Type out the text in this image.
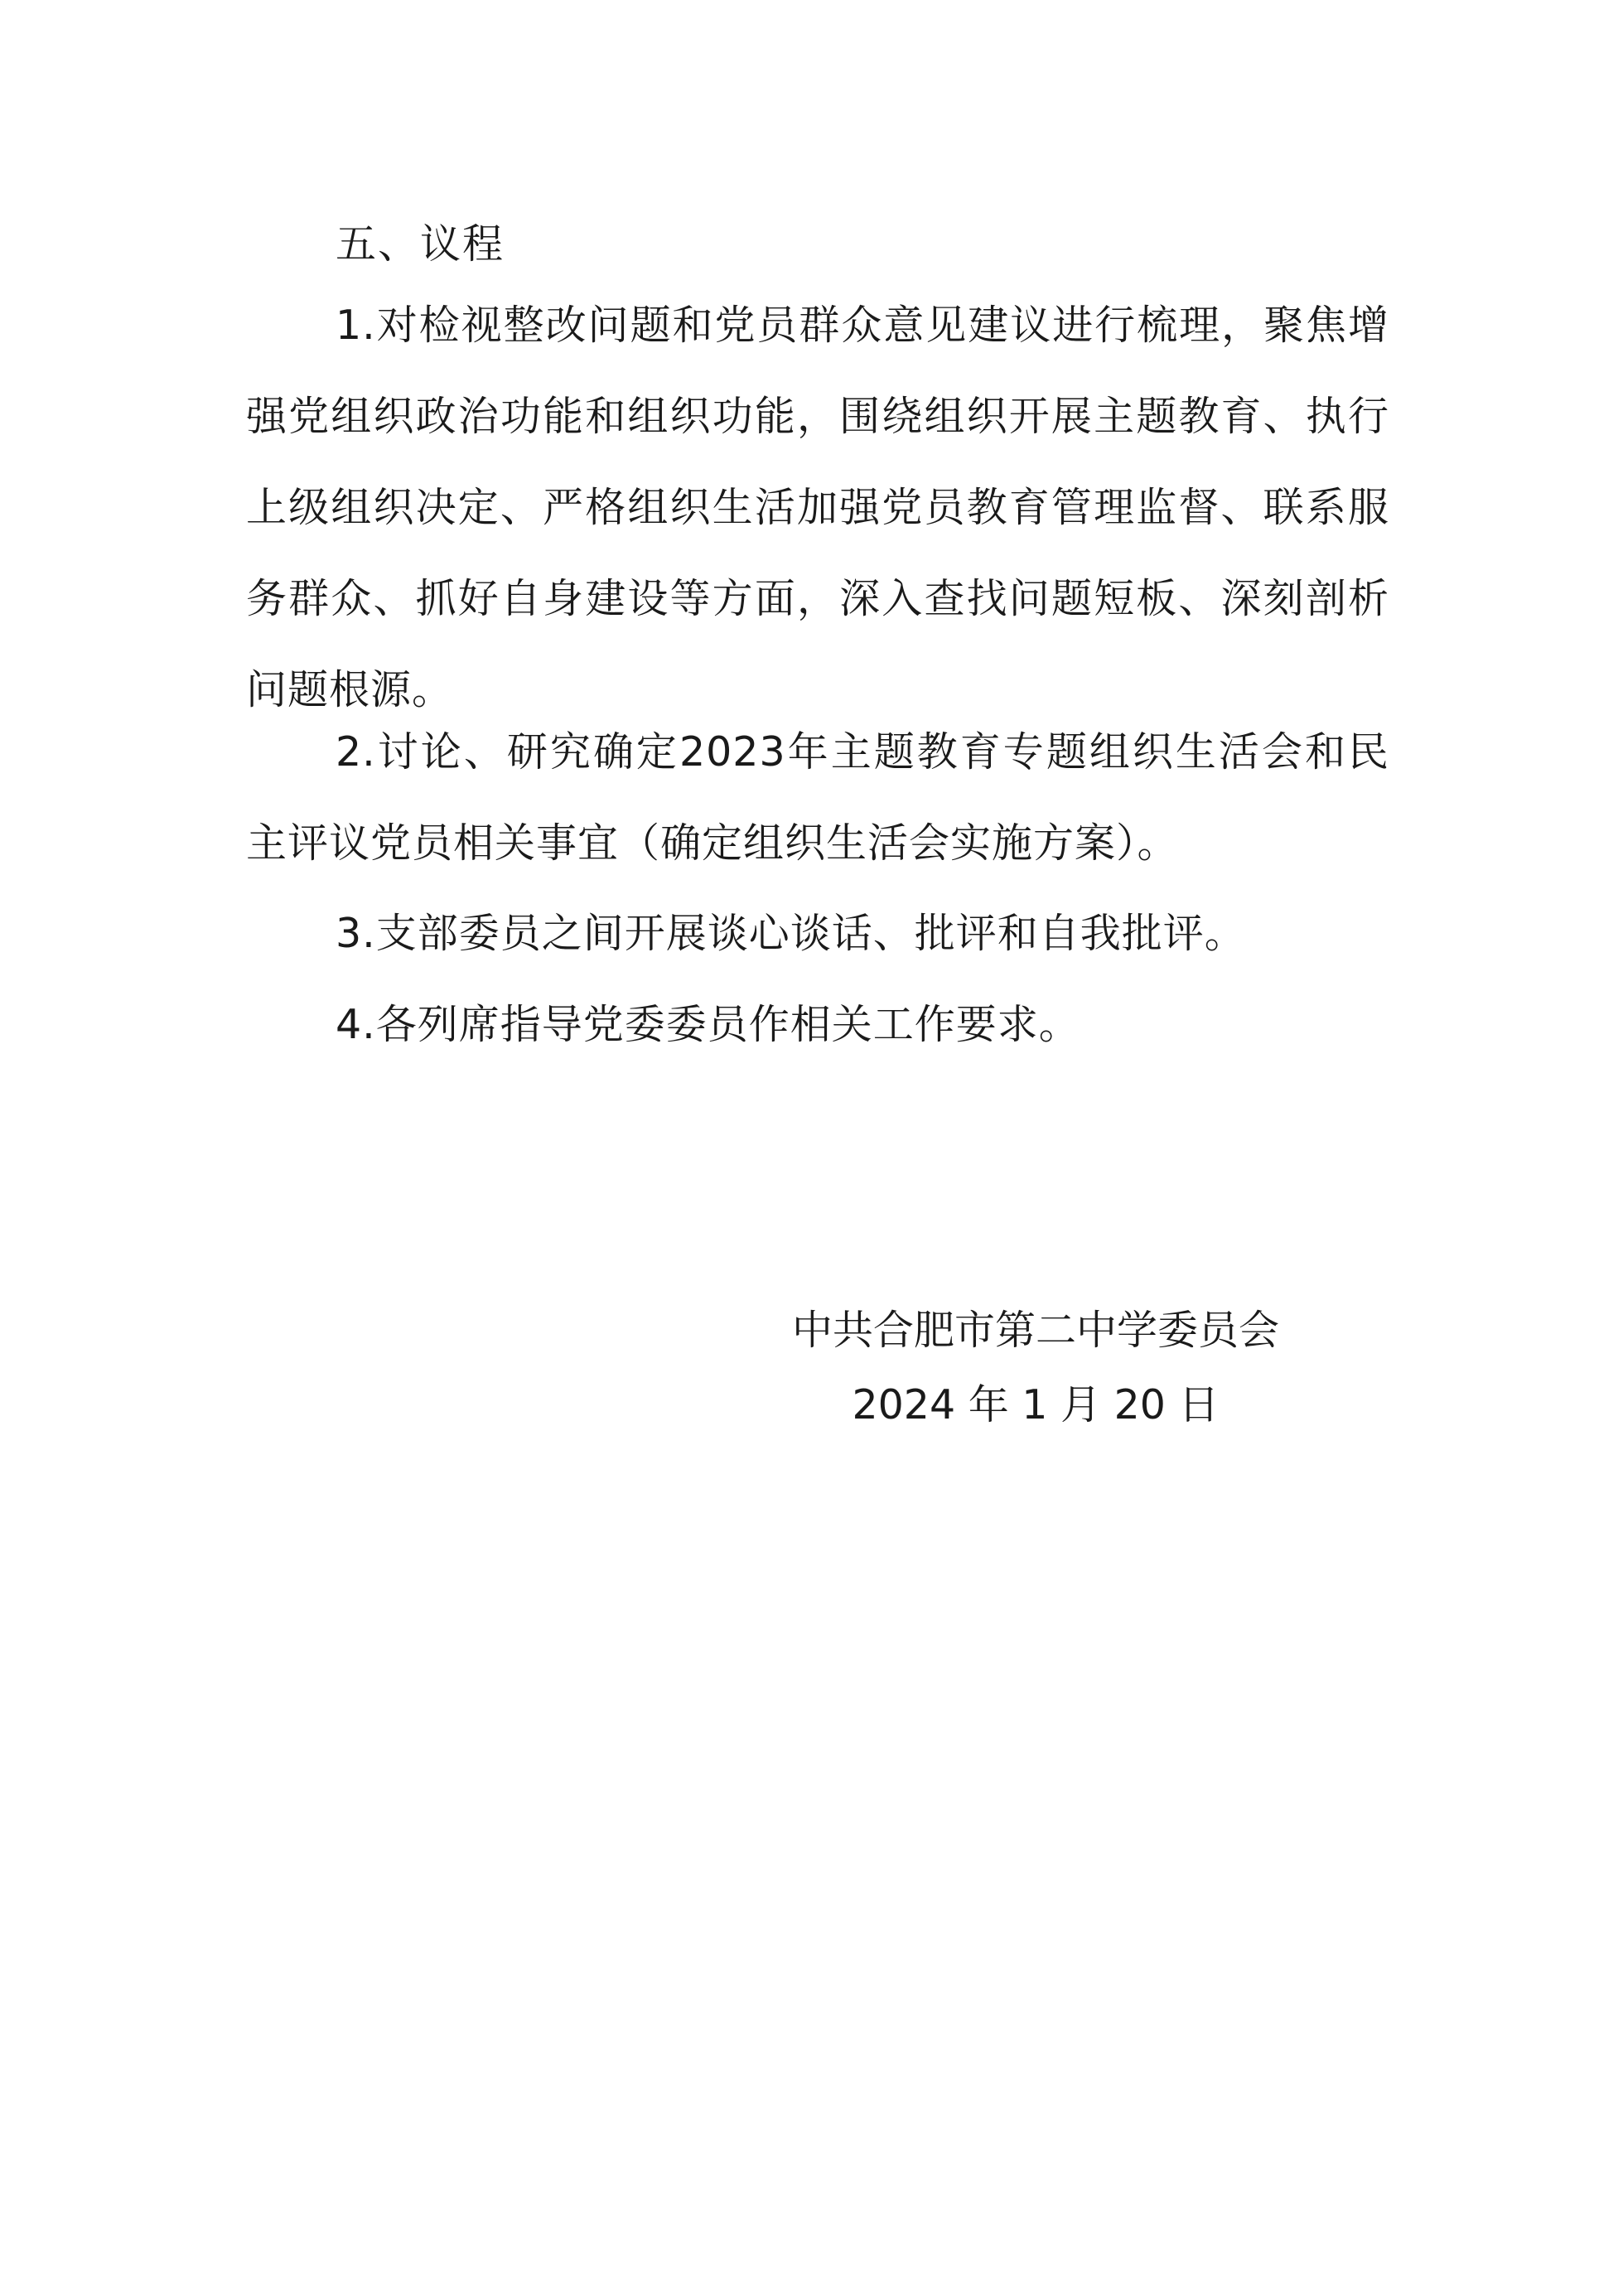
五、议程

1.对检视整改问题和党员群众意见建议进行梳理，聚焦增强党组织政治功能和组织功能，围绕组织开展主题教育、执行上级组织决定、严格组织生活加强党员教育管理监督、联系服务群众、抓好自身建设等方面，深入查找问题短板、深刻剖析问题根源。

2.讨论、研究确定2023年主题教育专题组织生活会和民主评议党员相关事宜（确定组织生活会实施方案）。

3.支部委员之间开展谈心谈话、批评和自我批评。

4.各列席指导党委委员作相关工作要求。

中共合肥市第二中学委员会
2024 年 1 月 20 日
